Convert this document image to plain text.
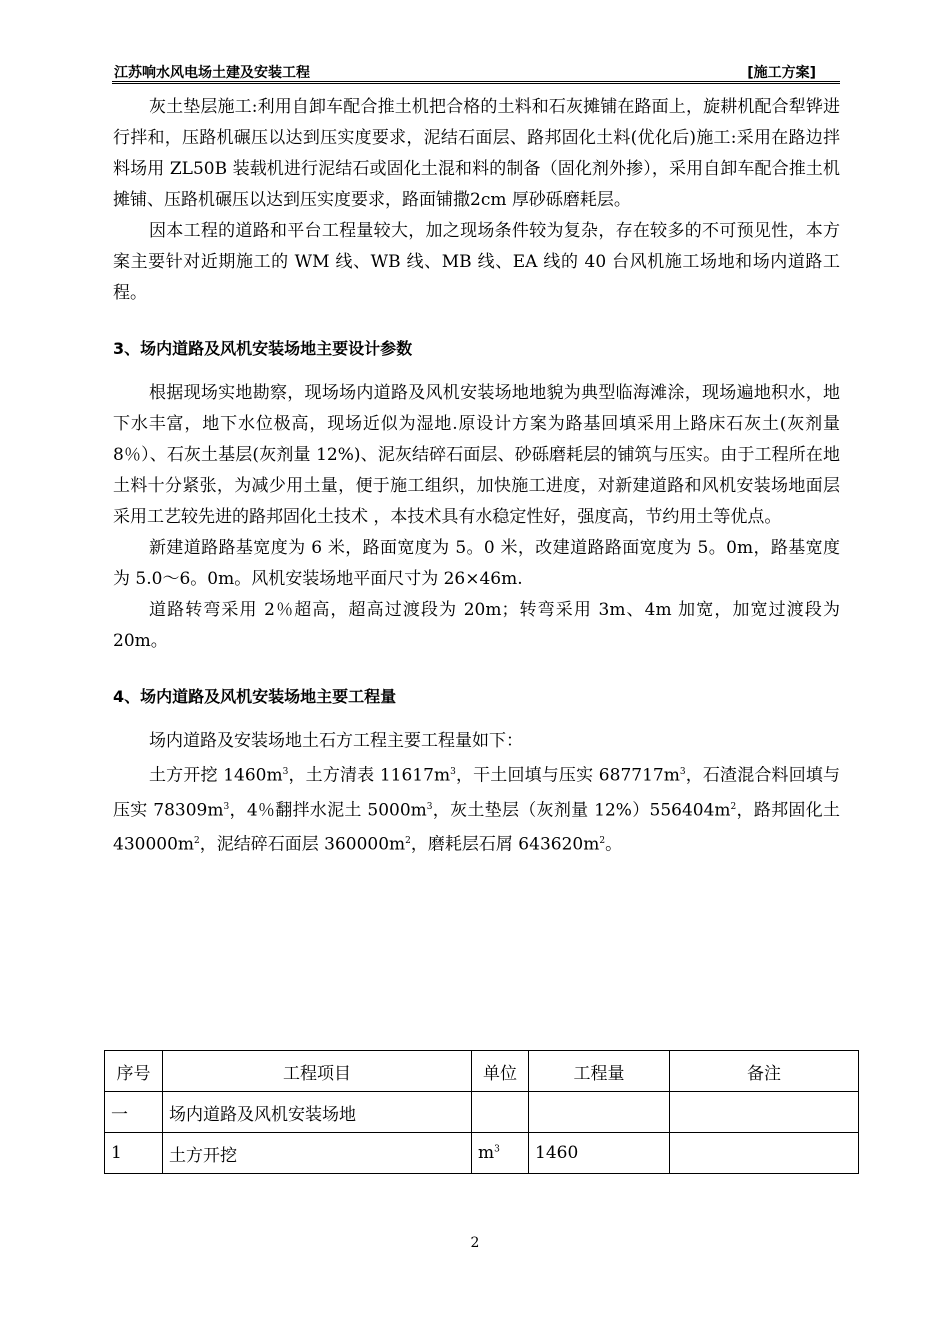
江苏响水风电场土建及安装工程	[施工方案]

灰土垫层施工:利用自卸车配合推土机把合格的土料和石灰摊铺在路面上，旋耕机配合犁铧进行拌和，压路机碾压以达到压实度要求，泥结石面层、路邦固化土料(优化后)施工:采用在路边拌料场用 ZL50B 装载机进行泥结石或固化土混和料的制备（固化剂外掺），采用自卸车配合推土机摊铺、压路机碾压以达到压实度要求，路面铺撒2cm 厚砂砾磨耗层。

因本工程的道路和平台工程量较大，加之现场条件较为复杂，存在较多的不可预见性，本方案主要针对近期施工的 WM 线、WB 线、MB 线、EA 线的 40 台风机施工场地和场内道路工程。

3、场内道路及风机安装场地主要设计参数

根据现场实地勘察，现场场内道路及风机安装场地地貌为典型临海滩涂，现场遍地积水，地下水丰富，地下水位极高，现场近似为湿地.原设计方案为路基回填采用上路床石灰土(灰剂量 8％）、石灰土基层(灰剂量 12%)、泥灰结碎石面层、砂砾磨耗层的铺筑与压实。由于工程所在地土料十分紧张，为减少用土量，便于施工组织，加快施工进度，对新建道路和风机安装场地面层采用工艺较先进的路邦固化土技术 ，本技术具有水稳定性好，强度高，节约用土等优点。

新建道路路基宽度为 6 米，路面宽度为 5。0 米，改建道路路面宽度为 5。0m，路基宽度为 5.0～6。0m。风机安装场地平面尺寸为 26×46m.

道路转弯采用 2％超高，超高过渡段为 20m；转弯采用 3m、4m 加宽，加宽过渡段为 20m。

4、场内道路及风机安装场地主要工程量

场内道路及安装场地土石方工程主要工程量如下：

土方开挖 $1460m^3$，土方清表 $11617m^3$，干土回填与压实 $687717m^3$，石渣混合料回填与压实 $78309m^3$，4％翻拌水泥土 $5000m^3$，灰土垫层（灰剂量 $12\%)556404m^2$，路邦固化土 $430000m^2$，泥结碎石面层 $360000m^2$，磨耗层石屑 $643620m^2$。

序号	工程项目	单位	工程量	备注
一	场内道路及风机安装场地			
1	土方开挖	$m^3$	1460	
2
